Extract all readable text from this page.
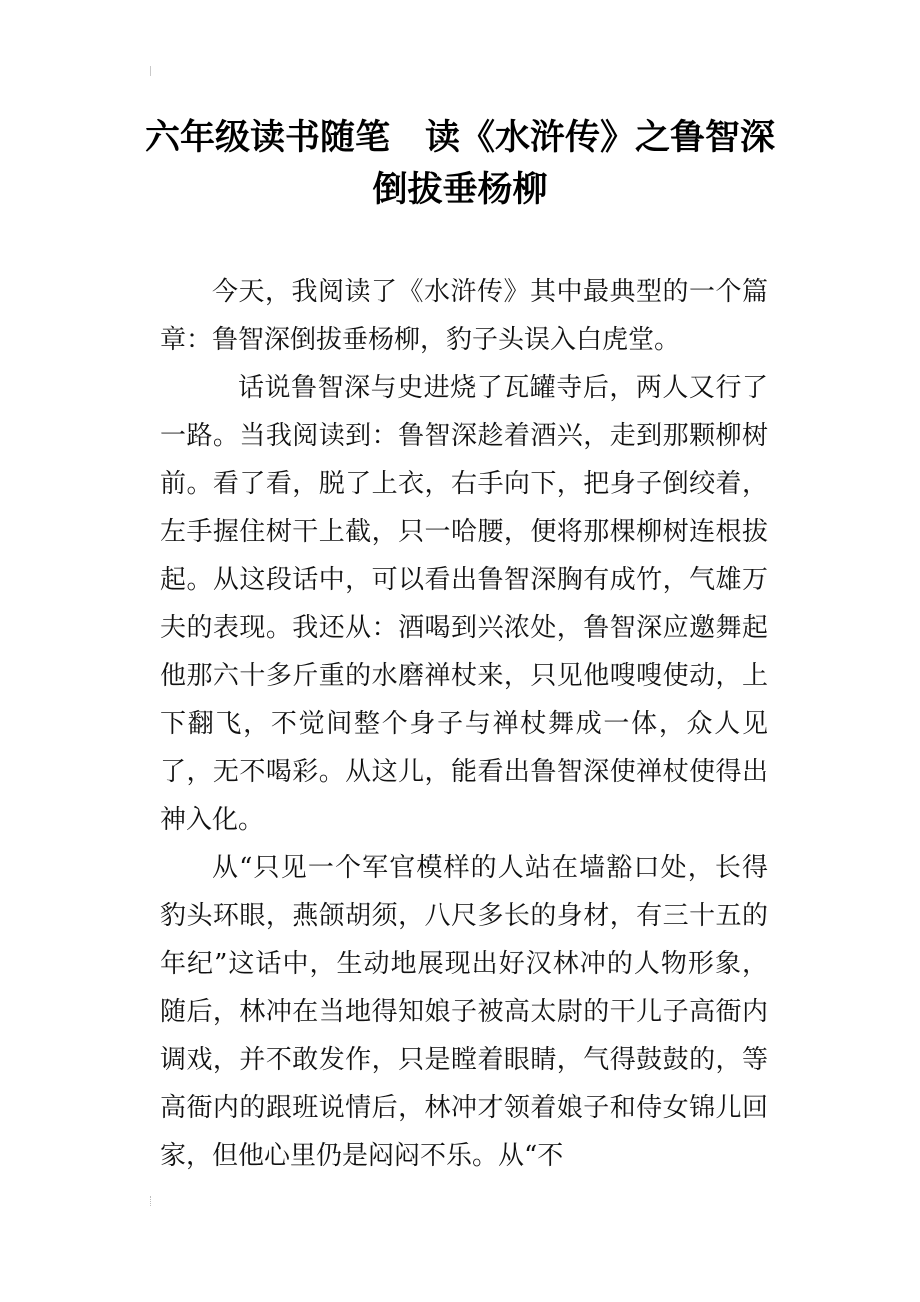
六年级读书随笔　读《水浒传》之鲁智深倒拔垂杨柳

今天，我阅读了《水浒传》其中最典型的一个篇章：鲁智深倒拔垂杨柳，豹子头误入白虎堂。

话说鲁智深与史进烧了瓦罐寺后，两人又行了一路。当我阅读到：鲁智深趁着酒兴，走到那颗柳树前。看了看，脱了上衣，右手向下，把身子倒绞着，左手握住树干上截，只一哈腰，便将那棵柳树连根拔起。从这段话中，可以看出鲁智深胸有成竹，气雄万夫的表现。我还从：酒喝到兴浓处，鲁智深应邀舞起他那六十多斤重的水磨禅杖来，只见他嗖嗖使动，上下翻飞，不觉间整个身子与禅杖舞成一体，众人见了，无不喝彩。从这儿，能看出鲁智深使禅杖使得出神入化。

从“只见一个军官模样的人站在墙豁口处，长得豹头环眼，燕颌胡须，八尺多长的身材，有三十五的年纪”这话中，生动地展现出好汉林冲的人物形象，随后，林冲在当地得知娘子被高太尉的干儿子高衙内调戏，并不敢发作，只是瞠着眼睛，气得鼓鼓的，等高衙内的跟班说情后，林冲才领着娘子和侍女锦儿回家，但他心里仍是闷闷不乐。从“不
